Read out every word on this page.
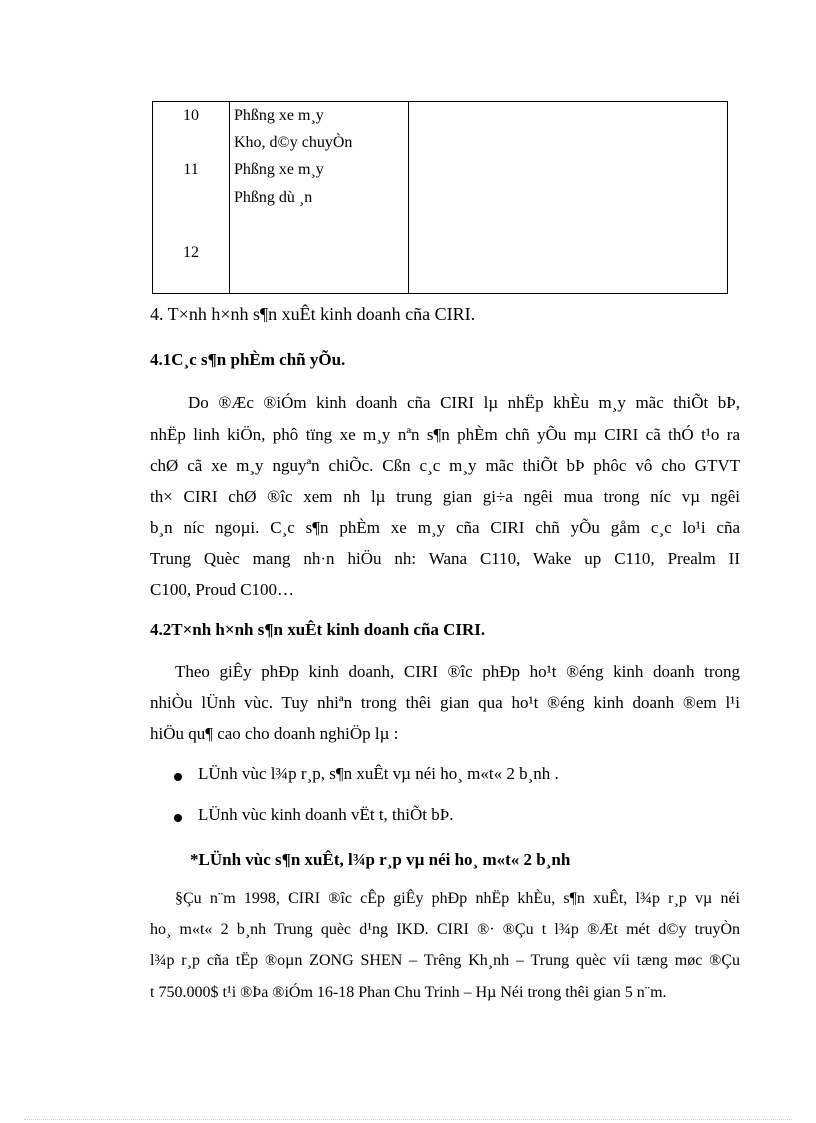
10	Phßng xe m¸y
Kho, d©y chuyÒn
11	Phßng xe m¸y
Phßng dù ¸n
12
4. T×nh h×nh s¶n xuÊt kinh doanh cña CIRI.
4.1C¸c s¶n phÈm chñ yÕu.
Do ®Æc ®iÓm kinh doanh cña CIRI lµ nhËp khÈu m¸y mãc thiÕt bÞ,
nhËp linh kiÖn, phô tïng xe m¸y nªn s¶n phÈm chñ yÕu mµ CIRI cã thÓ t¹o ra
chØ cã xe m¸y nguyªn chiÕc. Cßn c¸c m¸y mãc thiÕt bÞ phôc vô cho GTVT
th× CIRI chØ ®îc xem nh lµ trung gian gi÷a ngêi mua trong níc vµ ngêi
b¸n níc ngoµi. C¸c s¶n phÈm xe m¸y cña CIRI chñ yÕu gåm c¸c lo¹i cña
Trung Quèc mang nh·n hiÖu nh: Wana C110, Wake up C110, Prealm II
C100, Proud C100…
4.2T×nh h×nh s¶n xuÊt kinh doanh cña CIRI.
Theo giÊy phÐp kinh doanh, CIRI ®îc phÐp ho¹t ®éng kinh doanh trong
nhiÒu lÜnh vùc. Tuy nhiªn trong thêi gian qua ho¹t ®éng kinh doanh ®em l¹i
hiÖu qu¶ cao cho doanh nghiÖp lµ :
LÜnh vùc l¾p r¸p, s¶n xuÊt vµ néi ho¸ m«t« 2 b¸nh .
LÜnh vùc kinh doanh vËt t, thiÕt bÞ.
*LÜnh vùc s¶n xuÊt, l¾p r¸p vµ néi ho¸ m«t« 2 b¸nh
§Çu n¨m 1998, CIRI ®îc cÊp giÊy phÐp nhËp khÈu, s¶n xuÊt, l¾p r¸p vµ néi
ho¸ m«t« 2 b¸nh Trung quèc d¹ng IKD. CIRI ®· ®Çu t l¾p ®Æt mét d©y truyÒn
l¾p r¸p cña tËp ®oµn ZONG SHEN – Trêng Kh¸nh – Trung quèc víi tæng møc ®Çu
t 750.000$ t¹i ®Þa ®iÓm 16-18 Phan Chu Trinh – Hµ Néi trong thêi gian 5 n¨m.
